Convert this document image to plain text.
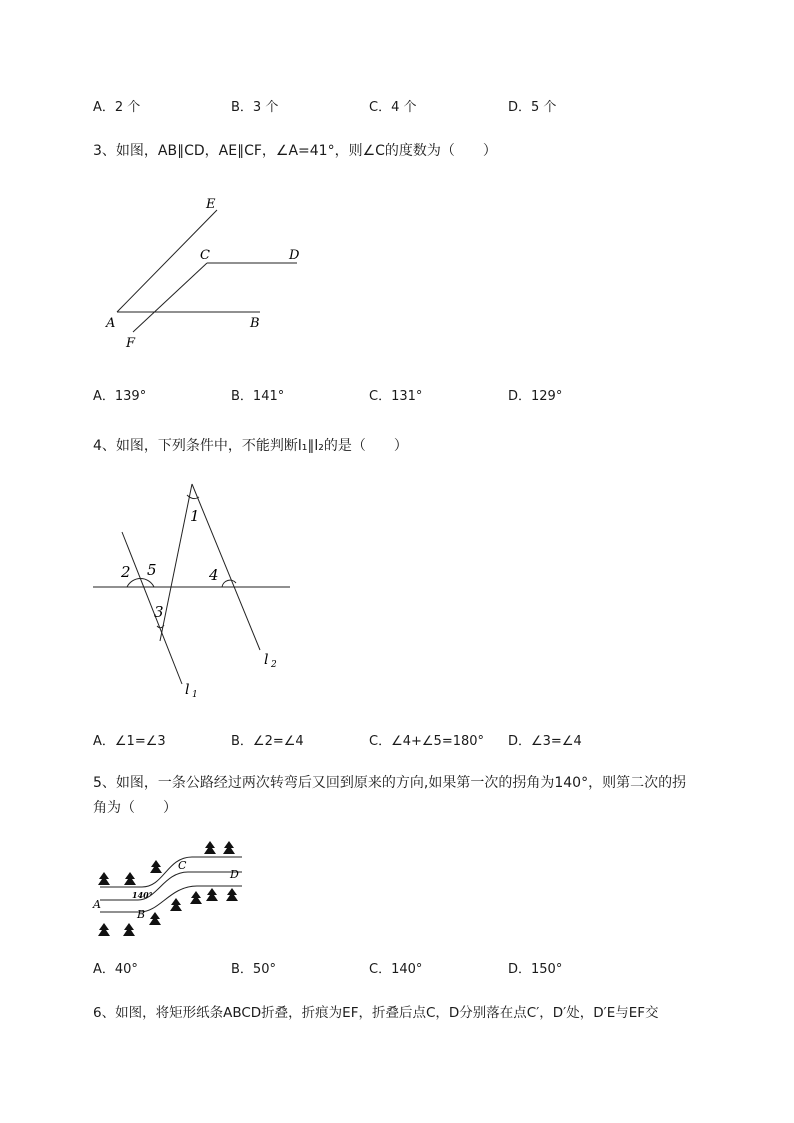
A．2 个	B．3 个	C．4 个	D．5 个
3、如图，AB∥CD，AE∥CF，∠A=41°，则∠C的度数为（　　）
E
C	D
A	B
F
A．139°	B．141°	C．131°	D．129°
4、如图，下列条件中，不能判断l₁∥l₂的是（　　）
1
2 5	4
3
l 2
l 1
A．∠1=∠3	B．∠2=∠4	C．∠4+∠5=180° D．∠3=∠4
5、如图，一条公路经过两次转弯后又回到原来的方向,如果第一次的拐角为140°，则第二次的拐
角为（　　）
A
B
C
D
140°
A．40°	B．50°	C．140°	D．150°
6、如图，将矩形纸条ABCD折叠，折痕为EF，折叠后点C，D分别落在点C′，D′处，D′E与EF交
